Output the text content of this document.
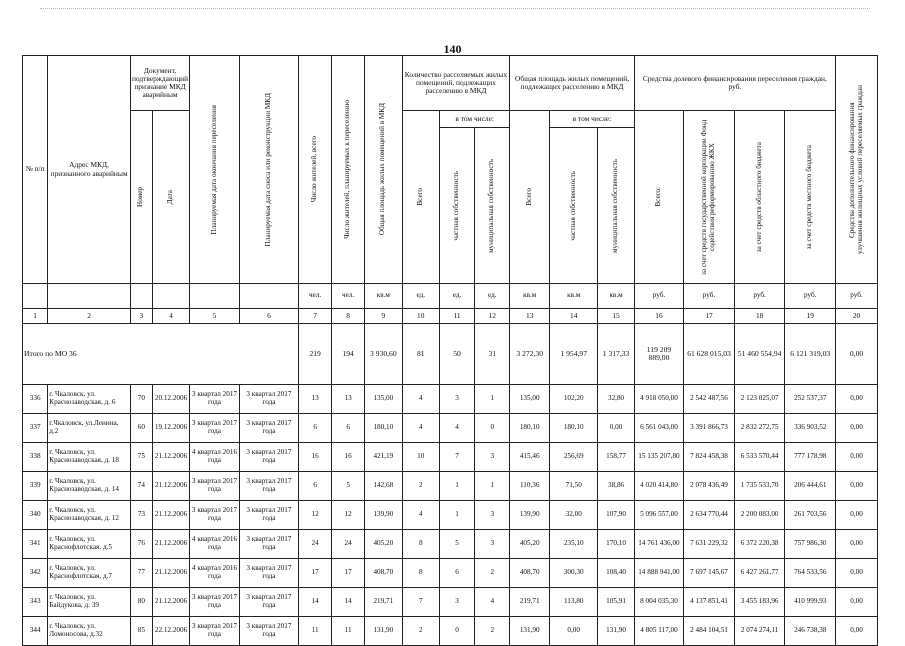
140
№ п/п	Адрес МКД, признанного аварийным	Документ, подтверждающий признание МКД аварийным		Планируемая дата окончания переселения	Планируемая дата сноса или реконструкции МКД	Число жителей, всего	Число жителей, планируемых к переселению	Общая площадь жилых помещений в МКД	Количество расселяемых жилых помещений, подлежащих расселению в МКД			Общая площадь жилых помещений, подлежащих расселению в МКД			Средства долевого финансирования переселения граждан, руб.				Средства дополнительного финансирования улучшения жилищных условий переселяемых граждан

		Номер	Дата						Всего	в том числе:		Всего	в том числе:		Всего:	за счет средств государственной корпорации Фонд содействия реформированию ЖКХ	за счет средств областного бюджета	за счет средств местного бюджета	

										частная собственность	муниципальная собственность		частная собственность	муниципальная собственность					

						чел.	чел.	кв.м	ед.	ед.	ед.	кв.м	кв.м	кв.м	руб.	руб.	руб.	руб.	руб.
1	2	3	4	5	6	7	8	9	10	11	12	13	14	15	16	17	18	19	20
Итого по МО 36						219	194	3 930,60	81	50	31	3 272,30	1 954,97	1 317,33	119 209 889,00	61 628 015,03	51 460 554,94	6 121 319,03	0,00
336	г. Чкаловск, ул. Краснозаводская, д. 6	70	20.12.2006	3 квартал 2017 года	3 квартал 2017 года	13	13	135,00	4	3	1	135,00	102,20	32,80	4 918 050,00	2 542 487,56	2 123 025,07	252 537,37	0,00
337	г.Чкаловск, ул.Ленина, д.2	60	19.12.2006	3 квартал 2017 года	3 квартал 2017 года	6	6	180,10	4	4	0	180,10	180,10	0,00	6 561 043,00	3 391 866,73	2 832 272,75	336 903,52	0,00
338	г. Чкаловск, ул. Краснозаводская, д. 18	75	21.12.2006	4 квартал 2016 года	3 квартал 2017 года	16	16	421,19	10	7	3	415,46	256,69	158,77	15 135 207,80	7 824 458,38	6 533 570,44	777 178,98	0,00
339	г. Чкаловск, ул. Краснозаводская, д. 14	74	21.12.2006	3 квартал 2017 года	3 квартал 2017 года	6	5	142,68	2	1	1	110,36	71,50	38,86	4 020 414,80	2 078 436,49	1 735 533,70	206 444,61	0,00
340	г. Чкаловск, ул. Краснозаводская, д. 12	73	21.12.2006	3 квартал 2017 года	3 квартал 2017 года	12	12	139,90	4	1	3	139,90	32,00	107,90	5 096 557,00	2 634 770,44	2 200 083,00	261 703,56	0,00
341	г. Чкаловск, ул. Краснофлотская, д.5	76	21.12.2006	4 квартал 2016 года	3 квартал 2017 года	24	24	405,20	8	5	3	405,20	235,10	170,10	14 761 436,00	7 631 229,32	6 372 220,38	757 986,30	0,00
342	г. Чкаловск, ул. Краснофлотская, д.7	77	21.12.2006	4 квартал 2016 года	3 квартал 2017 года	17	17	408,70	8	6	2	408,70	300,30	108,40	14 888 941,00	7 697 145,67	6 427 261,77	764 533,56	0,00
343	г. Чкаловск, ул. Байдукова, д. 39	80	21.12.2006	3 квартал 2017 года	3 квартал 2017 года	14	14	219,71	7	3	4	219,71	113,80	105,91	8 004 035,30	4 137 851,41	3 455 183,96	410 999,93	0,00
344	г. Чкаловск, ул. Ломоносова, д.32	85	22.12.2006	3 квартал 2017 года	3 квартал 2017 года	11	11	131,90	2	0	2	131,90	0,00	131,90	4 805 117,00	2 484 104,51	2 074 274,11	246 738,38	0,00
